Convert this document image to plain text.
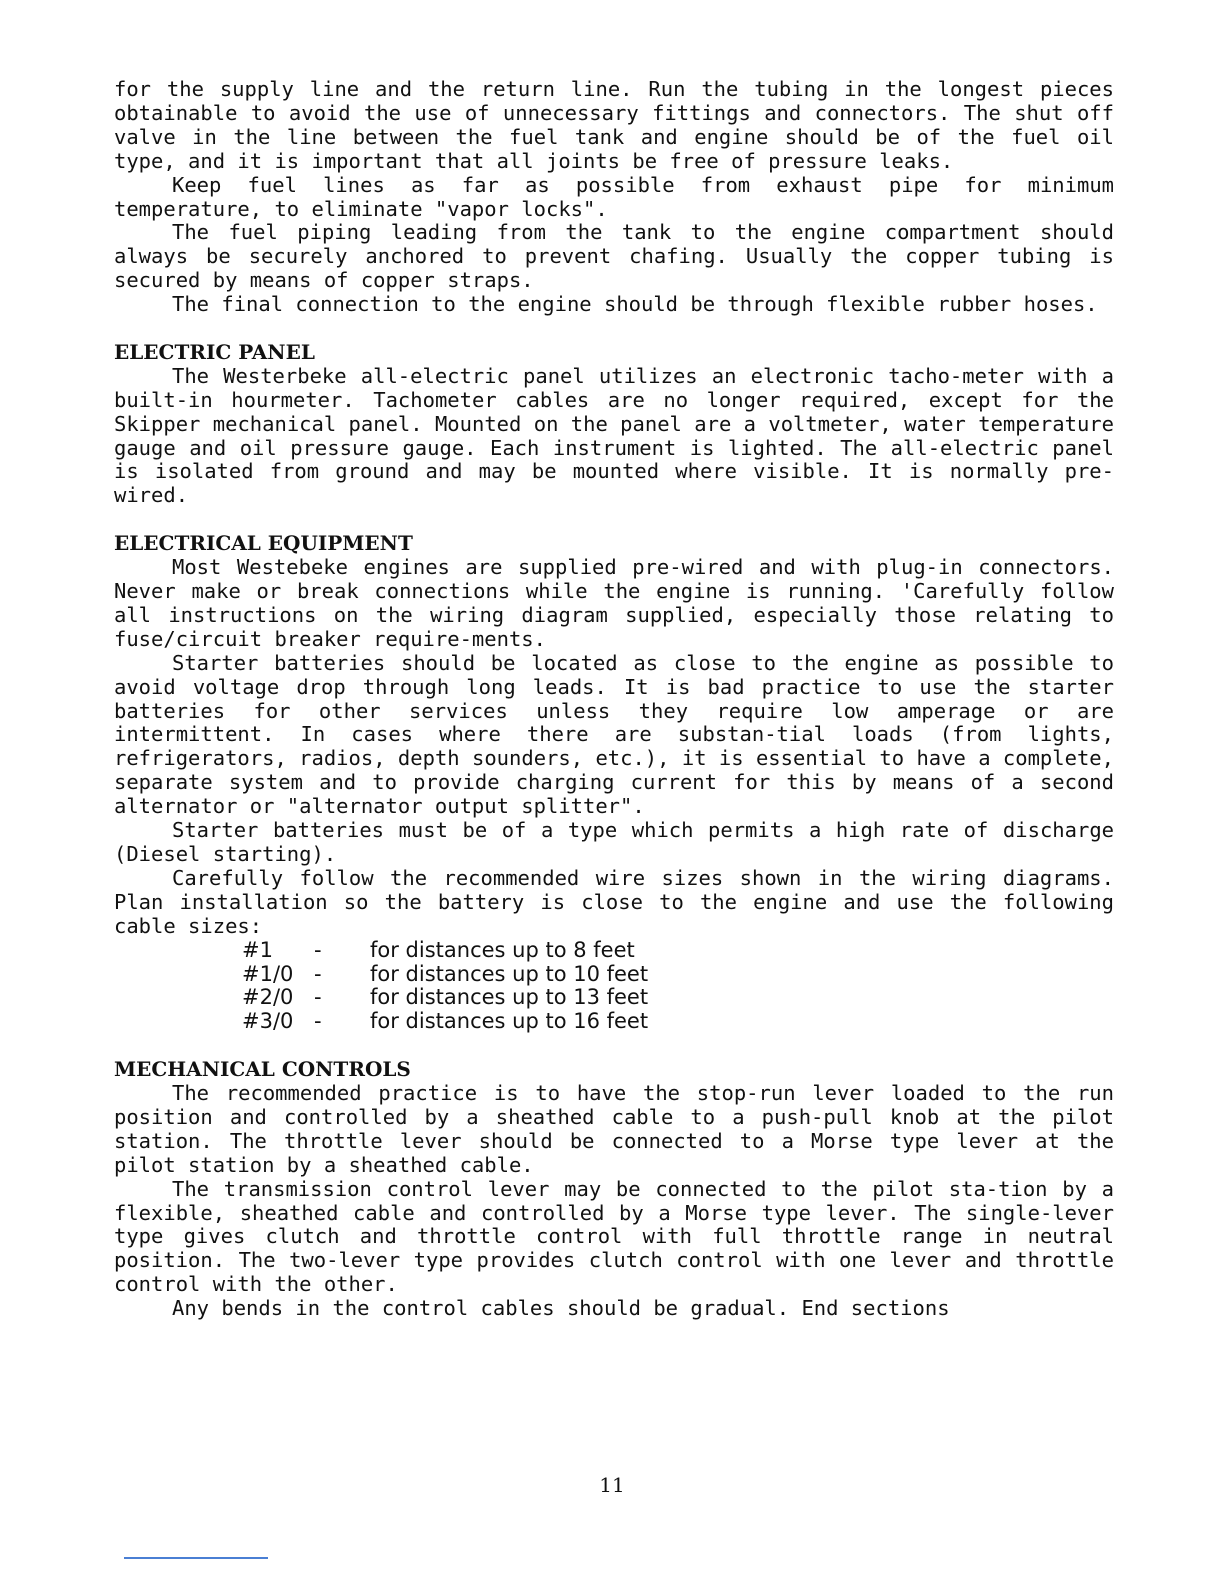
for the supply line and the return line. Run the tubing in the longest pieces obtainable to avoid the use of unnecessary fittings and connectors. The shut off valve in the line between the fuel tank and engine should be of the fuel oil type, and it is important that all joints be free of pressure leaks.

Keep fuel lines as far as possible from exhaust pipe for minimum temperature, to eliminate "vapor locks".

The fuel piping leading from the tank to the engine compartment should always be securely anchored to prevent chafing. Usually the copper tubing is secured by means of copper straps.

The final connection to the engine should be through flexible rubber hoses.

ELECTRIC PANEL

The Westerbeke all-electric panel utilizes an electronic tacho-meter with a built-in hourmeter. Tachometer cables are no longer required, except for the Skipper mechanical panel. Mounted on the panel are a voltmeter, water temperature gauge and oil pressure gauge. Each instrument is lighted. The all-electric panel is isolated from ground and may be mounted where visible. It is normally pre-wired.

ELECTRICAL EQUIPMENT

Most Westebeke engines are supplied pre-wired and with plug-in connectors. Never make or break connections while the engine is running. 'Carefully follow all instructions on the wiring diagram supplied, especially those relating to fuse/circuit breaker require-ments.

Starter batteries should be located as close to the engine as possible to avoid voltage drop through long leads. It is bad practice to use the starter batteries for other services unless they require low amperage or are intermittent. In cases where there are substan-tial loads (from lights, refrigerators, radios, depth sounders, etc.), it is essential to have a complete, separate system and to provide charging current for this by means of a second alternator or "alternator output splitter".

Starter batteries must be of a type which permits a high rate of discharge (Diesel starting).

Carefully follow the recommended wire sizes shown in the wiring diagrams. Plan installation so the battery is close to the engine and use the following cable sizes:

#1	-	for distances up to 8 feet
#1/0 -	for distances up to 10 feet
#2/0 -	for distances up to 13 feet
#3/0 -	for distances up to 16 feet
MECHANICAL CONTROLS

The recommended practice is to have the stop-run lever loaded to the run position and controlled by a sheathed cable to a push-pull knob at the pilot station. The throttle lever should be connected to a Morse type lever at the pilot station by a sheathed cable.

The transmission control lever may be connected to the pilot sta-tion by a flexible, sheathed cable and controlled by a Morse type lever. The single-lever type gives clutch and throttle control with full throttle range in neutral position. The two-lever type provides clutch control with one lever and throttle control with the other.

Any bends in the control cables should be gradual. End sections

11
